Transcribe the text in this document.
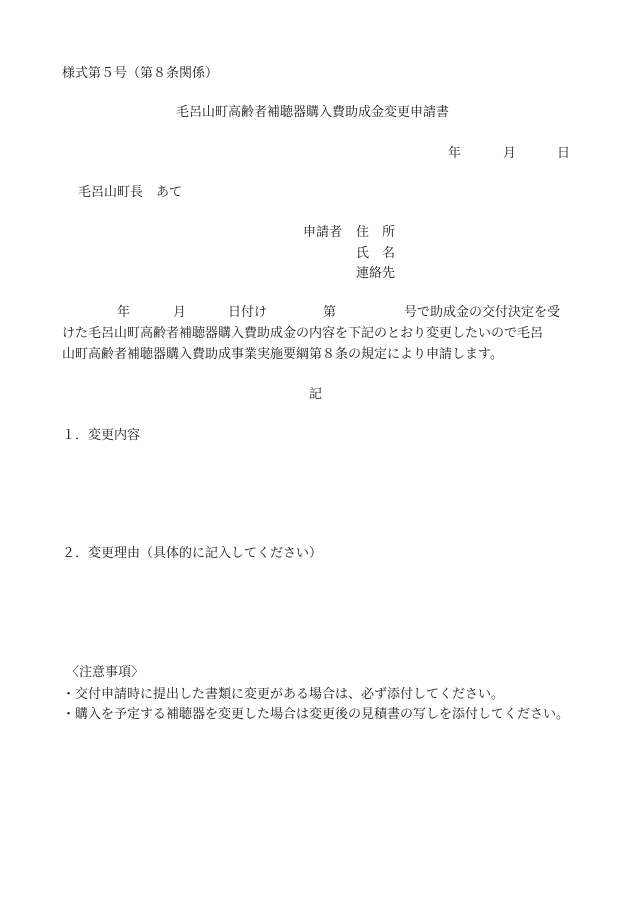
様式第５号（第８条関係）
毛呂山町高齢者補聴器購入費助成金変更申請書
年	月	日
毛呂山町長　あて
申請者 住　所
氏　名
連絡先
年	月	日付け	第	号で助成金の交付決定を受
けた毛呂山町高齢者補聴器購入費助成金の内容を下記のとおり変更したいので毛呂
山町高齢者補聴器購入費助成事業実施要綱第８条の規定により申請します。
記
１．変更内容
２．変更理由（具体的に記入してください）
〈注意事項〉
・交付申請時に提出した書類に変更がある場合は、必ず添付してください。
・購入を予定する補聴器を変更した場合は変更後の見積書の写しを添付してください。
